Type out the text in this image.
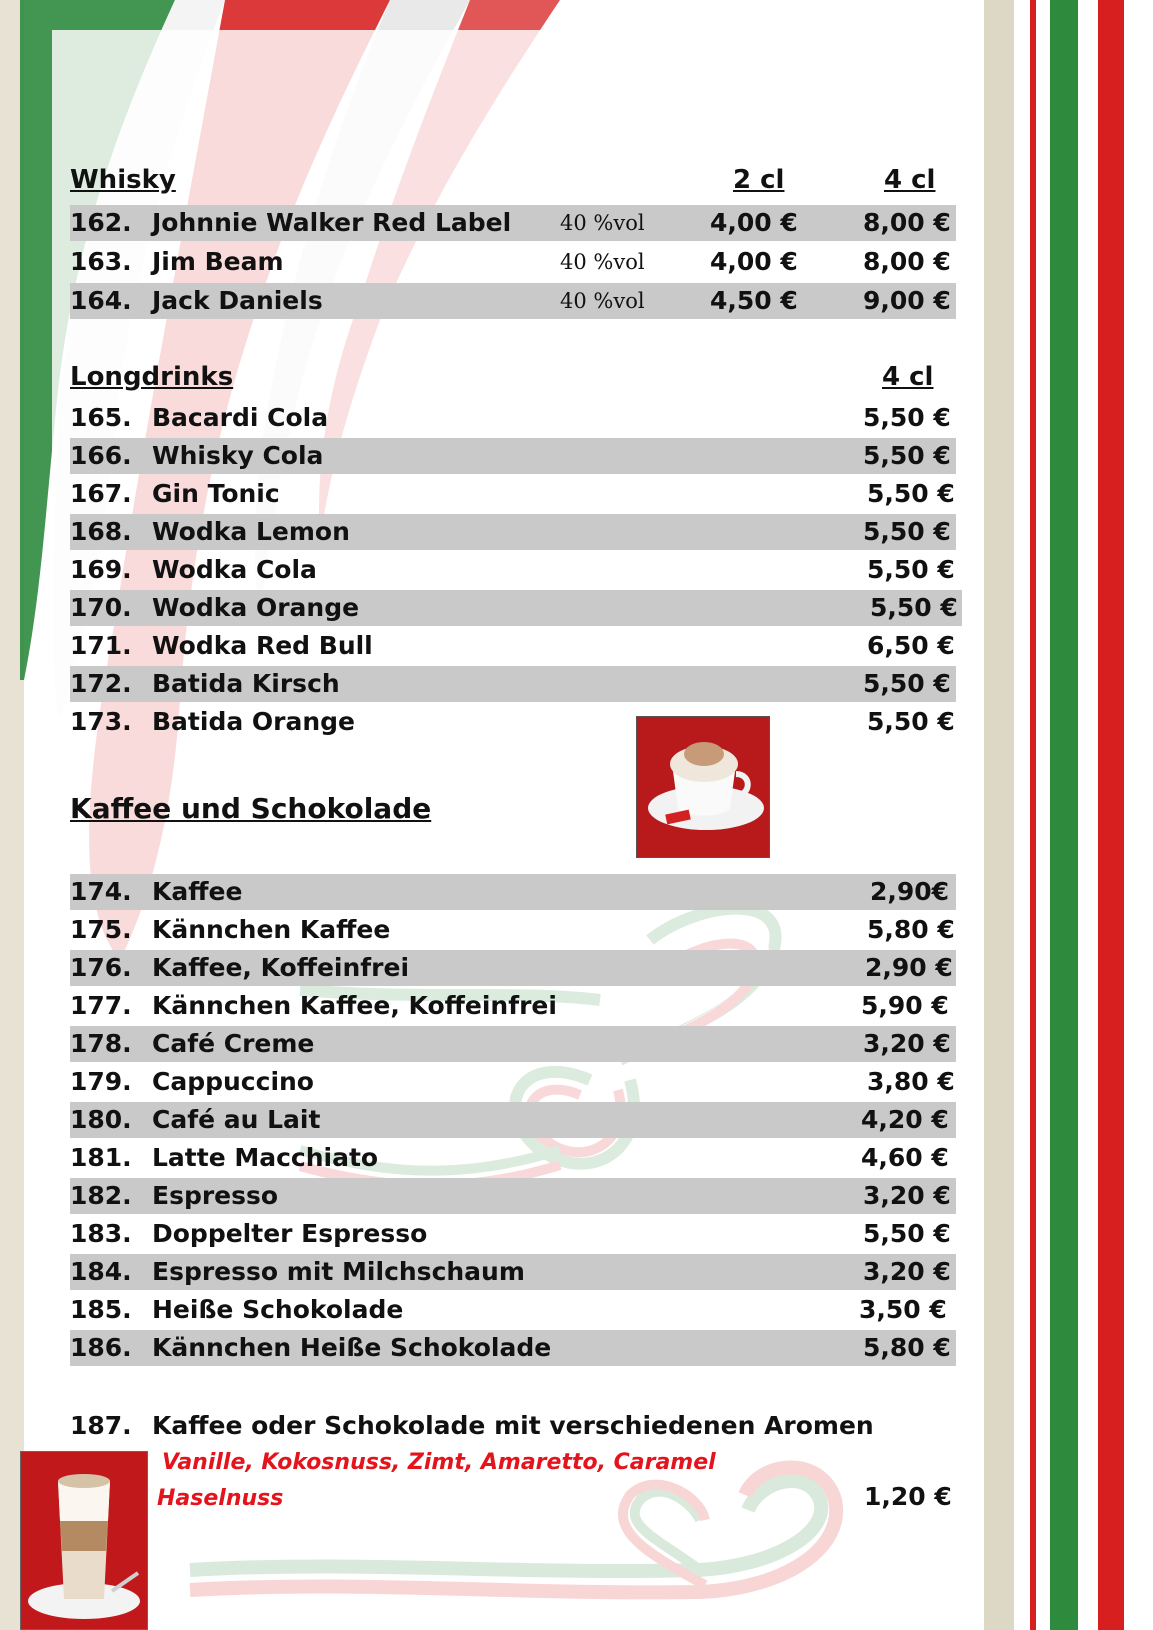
Whisky	2 cl	4 cl
162. Johnnie Walker Red Label 40 %vol	4,00 €	8,00 €
163. Jim Beam	40 %vol	4,00 €	8,00 €
164. Jack Daniels	40 %vol	4,50 €	9,00 €
Longdrinks	4 cl
165. Bacardi Cola	5,50 €
166. Whisky Cola	5,50 €
167. Gin Tonic	5,50 €
168. Wodka Lemon	5,50 €
169. Wodka Cola	5,50 €
170. Wodka Orange	5,50 €
171. Wodka Red Bull	6,50 €
172. Batida Kirsch	5,50 €
173. Batida Orange	5,50 €
Kaffee und Schokolade
174. Kaffee	2,90€
175. Kännchen Kaffee	5,80 €
176. Kaffee, Koffeinfrei	2,90 €
177. Kännchen Kaffee, Koffeinfrei	5,90 €
178. Café Creme	3,20 €
179. Cappuccino	3,80 €
180. Café au Lait	4,20 €
181. Latte Macchiato	4,60 €
182. Espresso	3,20 €
183. Doppelter Espresso	5,50 €
184. Espresso mit Milchschaum	3,20 €
185. Heiße Schokolade	3,50 €
186. Kännchen Heiße Schokolade	5,80 €
187. Kaffee oder Schokolade mit verschiedenen Aromen
Vanille, Kokosnuss, Zimt, Amaretto, Caramel
Haselnuss	1,20 €
